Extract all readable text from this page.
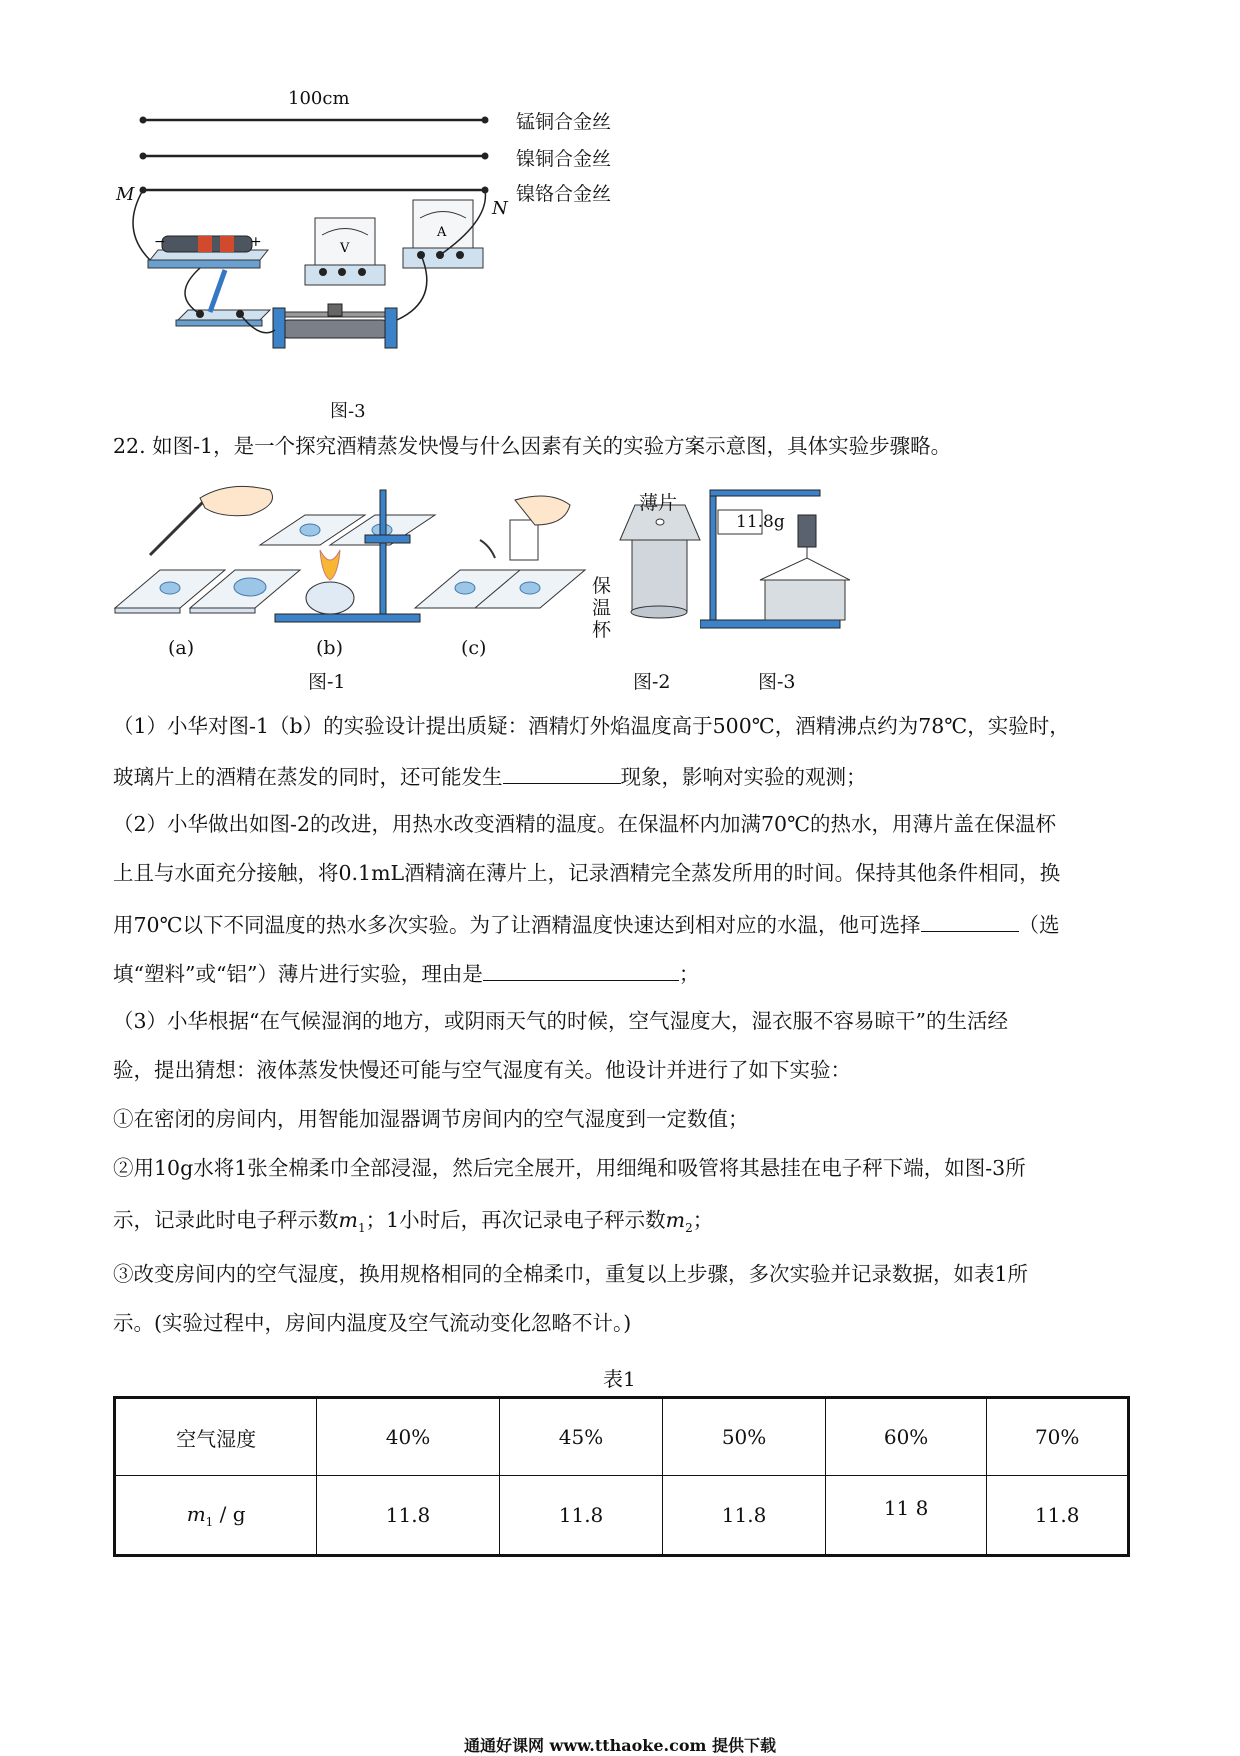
−	+	V
A
100cm
锰铜合金丝
镍铜合金丝
镍铬合金丝
M
N
图-3
22. 如图-1，是一个探究酒精蒸发快慢与什么因素有关的实验方案示意图，具体实验步骤略。
11.8g
薄片
保温杯
(a)	(b)	(c)
图-1	图-2	图-3
（1）小华对图-1（b）的实验设计提出质疑：酒精灯外焰温度高于500℃，酒精沸点约为78℃，实验时，
玻璃片上的酒精在蒸发的同时，还可能发生	现象，影响对实验的观测；
（2）小华做出如图-2的改进，用热水改变酒精的温度。在保温杯内加满70℃的热水，用薄片盖在保温杯
上且与水面充分接触，将0.1mL酒精滴在薄片上，记录酒精完全蒸发所用的时间。保持其他条件相同，换
用70℃以下不同温度的热水多次实验。为了让酒精温度快速达到相对应的水温，他可选择	（选
填“塑料”或“铝”）薄片进行实验，理由是	；
（3）小华根据“在气候湿润的地方，或阴雨天气的时候，空气湿度大，湿衣服不容易晾干”的生活经
验，提出猜想：液体蒸发快慢还可能与空气湿度有关。他设计并进行了如下实验：
①在密闭的房间内，用智能加湿器调节房间内的空气湿度到一定数值；
②用10g水将1张全棉柔巾全部浸湿，然后完全展开，用细绳和吸管将其悬挂在电子秤下端，如图-3所
示，记录此时电子秤示数$m_1$；1小时后，再次记录电子秤示数$m_2$；
③改变房间内的空气湿度，换用规格相同的全棉柔巾，重复以上步骤，多次实验并记录数据，如表1所
示。(实验过程中，房间内温度及空气流动变化忽略不计。)
表1
空气湿度	40%	45%	50%	60%	70%
$m_1$ / g	11.8	11.8	11.8	11 8	11.8
通通好课网 www.tthaoke.com 提供下载
